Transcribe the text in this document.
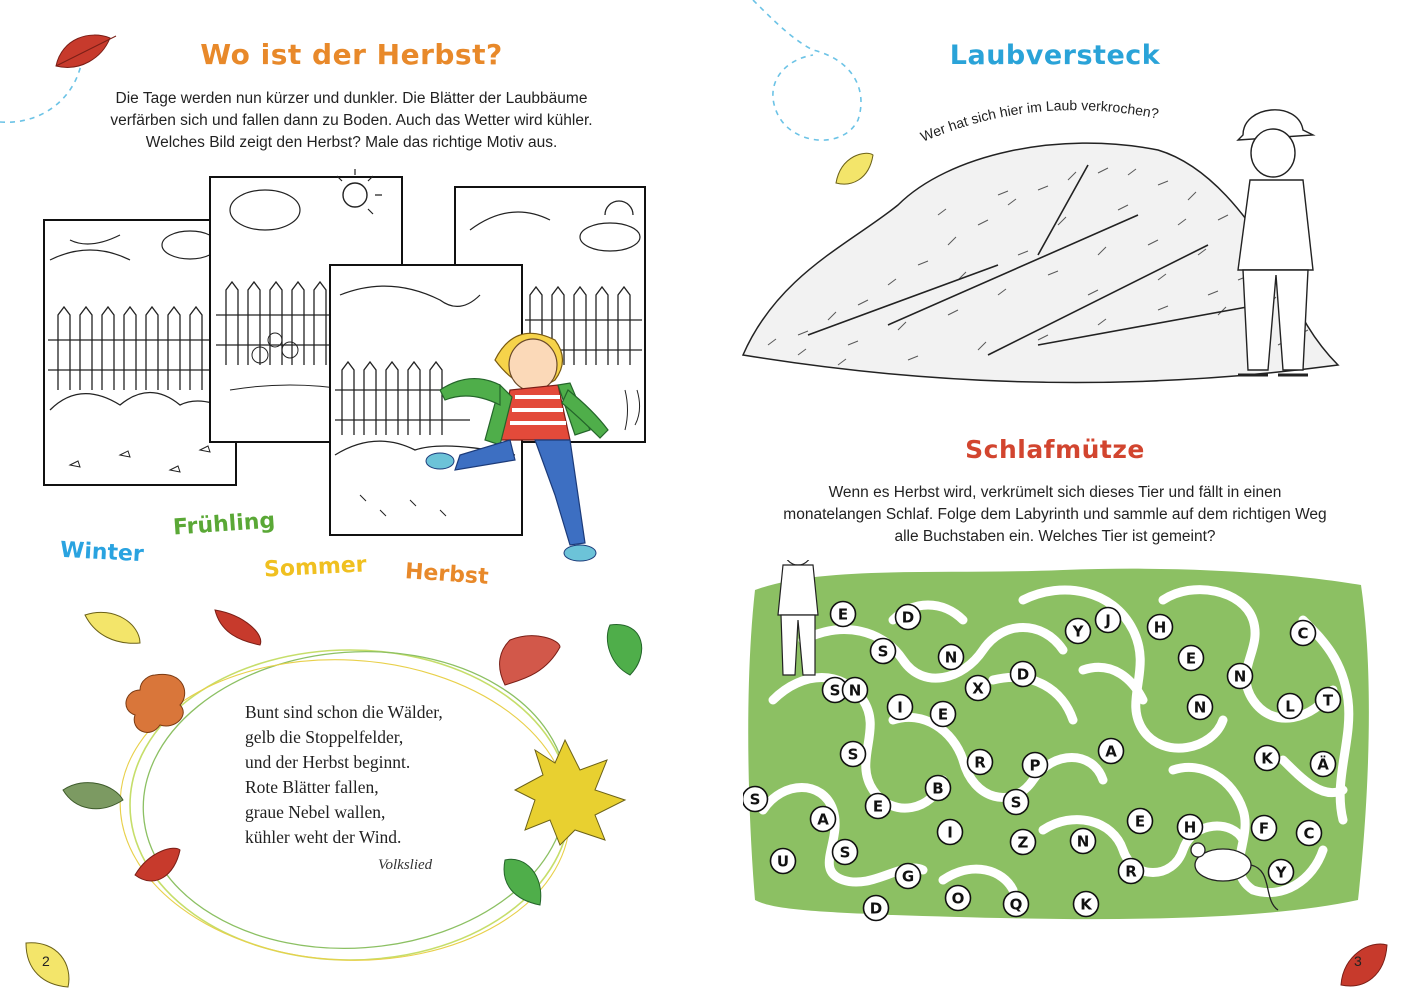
Wo ist der Herbst?

Die Tage werden nun kürzer und dunkler. Die Blätter der Laubbäume
verfärben sich und fallen dann zu Boden. Auch das Wetter wird kühler.
Welches Bild zeigt den Herbst? Male das richtige Motiv aus.

Winter
Frühling
Sommer Herbst
Bunt sind schon die Wälder,
gelb die Stoppelfelder,
und der Herbst beginnt.
Rote Blätter fallen,
graue Nebel wallen,
kühler weht der Wind.
Volkslied
2
Laubversteck
Wer hat sich hier im Laub verkrochen?
Schlafmütze

Wenn es Herbst wird, verkrümelt sich dieses Tier und fällt in einen
monatelangen Schlaf. Folge dem Labyrinth und sammle auf dem richtigen Weg
alle Buchstaben ein. Welches Tier ist gemeint?

E	D
S	N
S
Y
J	H	C
E
N
D
X
N
I E	N	L T
S	A
R	P	K	Ä
B
S
S
A
E
E	H	F C
I
Z	N
U	S
G	R	Y
D
O	Q	K
3
